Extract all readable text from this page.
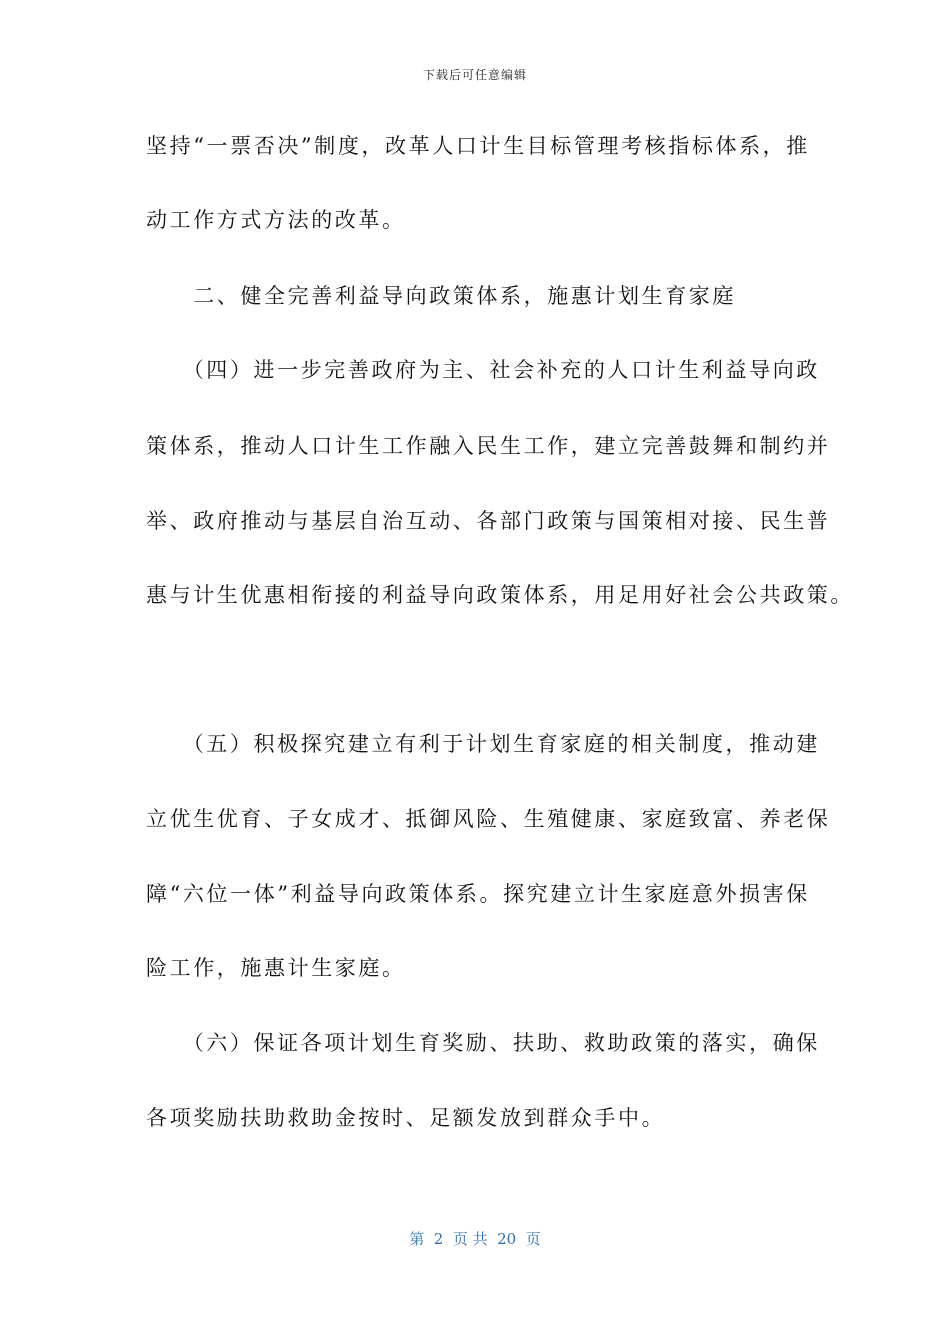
下载后可任意编辑
坚持“一票否决”制度，改革人口计生目标管理考核指标体系，推
动工作方式方法的改革。
　　二、健全完善利益导向政策体系，施惠计划生育家庭
　　（四）进一步完善政府为主、社会补充的人口计生利益导向政
策体系，推动人口计生工作融入民生工作，建立完善鼓舞和制约并
举、政府推动与基层自治互动、各部门政策与国策相对接、民生普
惠与计生优惠相衔接的利益导向政策体系，用足用好社会公共政策。
　　（五）积极探究建立有利于计划生育家庭的相关制度，推动建
立优生优育、子女成才、抵御风险、生殖健康、家庭致富、养老保
障“六位一体”利益导向政策体系。探究建立计生家庭意外损害保
险工作，施惠计生家庭。
　　（六）保证各项计划生育奖励、扶助、救助政策的落实，确保
各项奖励扶助救助金按时、足额发放到群众手中。
第  2  页 共  20  页
